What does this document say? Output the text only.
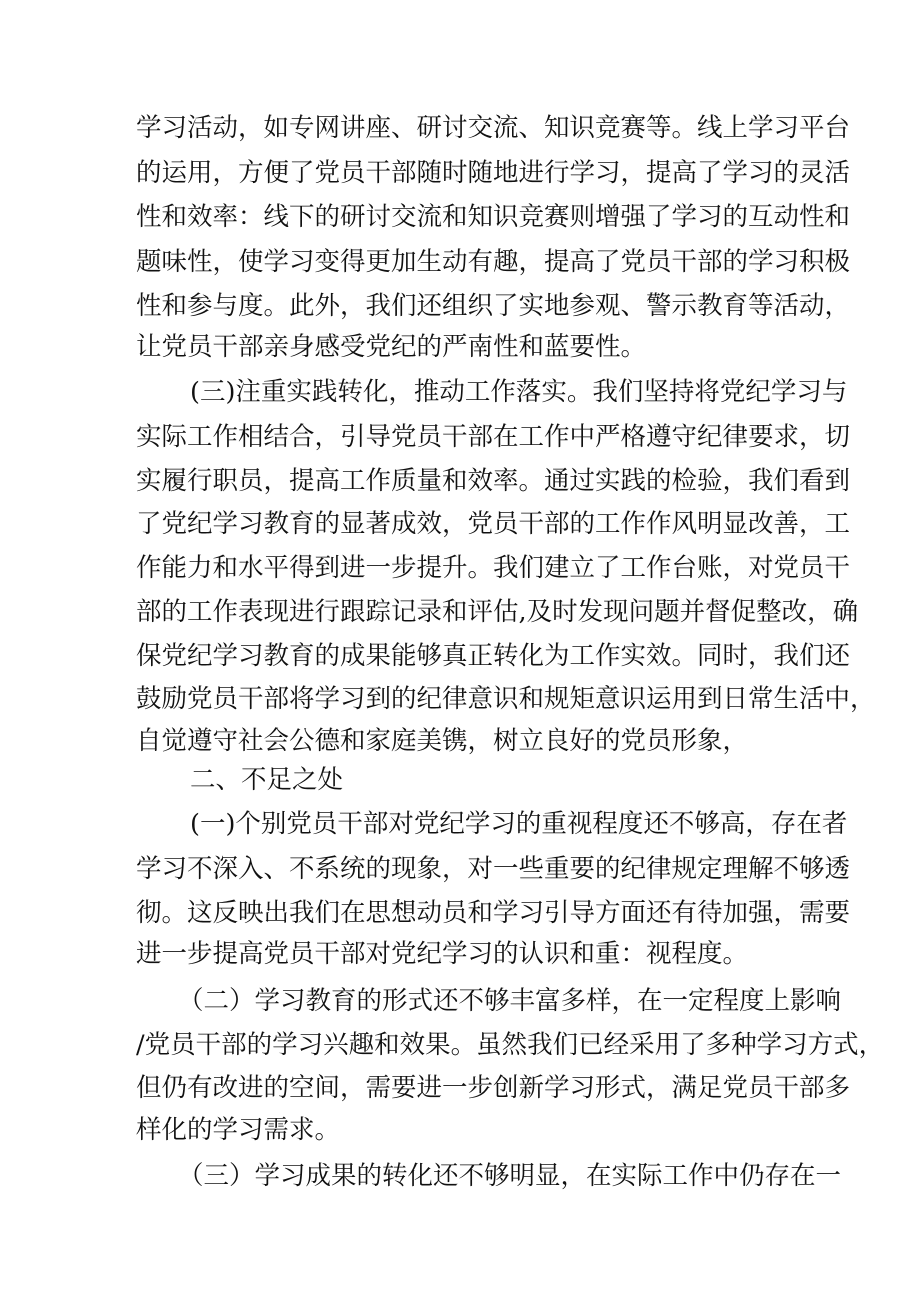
学习活动，如专网讲座、研讨交流、知识竞赛等。线上学习平台
的运用，方便了党员干部随时随地进行学习，提高了学习的灵活
性和效率：线下的研讨交流和知识竞赛则增强了学习的互动性和
题味性，使学习变得更加生动有趣，提高了党员干部的学习积极
性和参与度。此外，我们还组织了实地参观、警示教育等活动，
让党员干部亲身感受党纪的严南性和蓝要性。
(三)注重实践转化，推动工作落实。我们坚持将党纪学习与
实际工作相结合，引导党员干部在工作中严格遵守纪律要求，切
实履行职员，提高工作质量和效率。通过实践的检验，我们看到
了党纪学习教育的显著成效，党员干部的工作作风明显改善，工
作能力和水平得到进一步提升。我们建立了工作台账，对党员干
部的工作表现进行跟踪记录和评估,及时发现问题并督促整改，确
保党纪学习教育的成果能够真正转化为工作实效。同时，我们还
鼓励党员干部将学习到的纪律意识和规矩意识运用到日常生活中，
自觉遵守社会公德和家庭美镌，树立良好的党员形象，
二、不足之处
(一)个别党员干部对党纪学习的重视程度还不够高，存在者
学习不深入、不系统的现象，对一些重要的纪律规定理解不够透
彻。这反映出我们在思想动员和学习引导方面还有待加强，需要
进一步提高党员干部对党纪学习的认识和重：视程度。
（二）学习教育的形式还不够丰富多样，在一定程度上影响
/党员干部的学习兴趣和效果。虽然我们已经采用了多种学习方式，
但仍有改进的空间，需要进一步创新学习形式，满足党员干部多
样化的学习需求。
（三）学习成果的转化还不够明显，在实际工作中仍存在一
